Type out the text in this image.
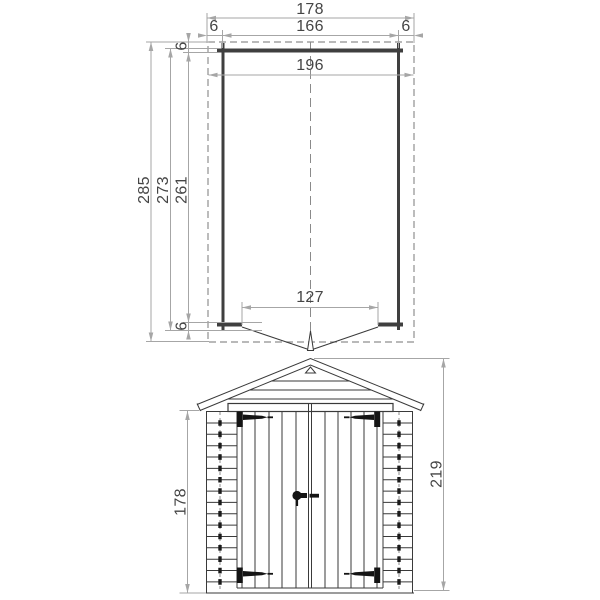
178
6	166	6
196
285 273 261
6
6
127
178
219
